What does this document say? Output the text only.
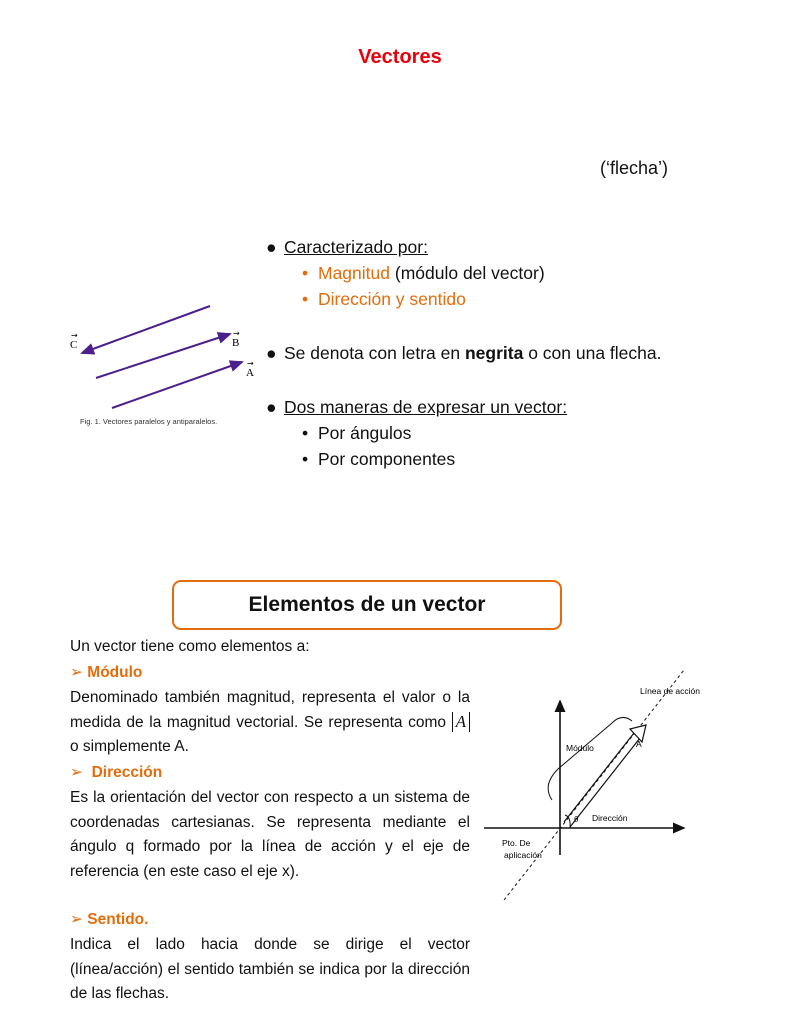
Vectores
(‘flecha’)
C
→
B
→
A
→
Fig. 1. Vectores paralelos y antiparalelos.
● Caracterizado por:
• Magnitud (módulo del vector)
• Dirección y sentido
● Se denota con letra en negrita o con una flecha.
● Dos maneras de expresar un vector:
• Por ángulos
• Por componentes
Elementos de un vector
Un vector tiene como elementos a:
➢ Módulo
Denominado también magnitud, representa el valor o la medida de la magnitud vectorial. Se representa como A o simplemente A.
➢  Dirección
Es la orientación del vector con respecto a un sistema de coordenadas cartesianas. Se representa mediante el ángulo q formado por la línea de acción y el eje de referencia (en este caso el eje x).
➢ Sentido.
Indica el lado hacia donde se dirige el vector (línea/acción) el sentido también se indica por la dirección de las flechas.
Línea de acción
Módulo	A
θ Dirección
Pto. De
aplicación
